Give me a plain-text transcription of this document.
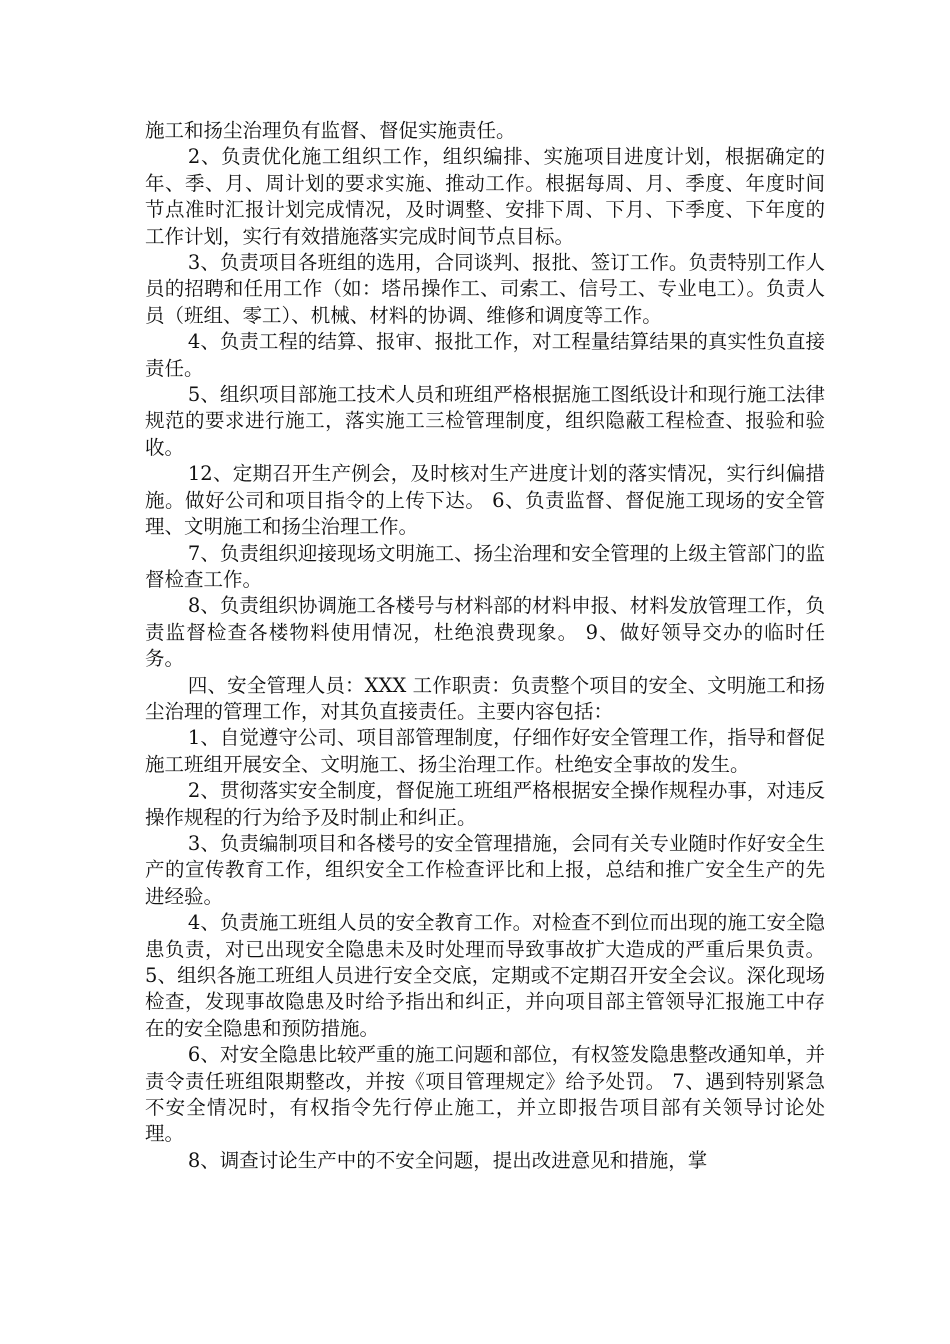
施工和扬尘治理负有监督、督促实施责任。

2、负责优化施工组织工作，组织编排、实施项目进度计划，根据确定的年、季、月、周计划的要求实施、推动工作。根据每周、月、季度、年度时间节点准时汇报计划完成情况，及时调整、安排下周、下月、下季度、下年度的工作计划，实行有效措施落实完成时间节点目标。

3、负责项目各班组的选用，合同谈判、报批、签订工作。负责特别工作人员的招聘和任用工作（如：塔吊操作工、司索工、信号工、专业电工）。负责人员（班组、零工）、机械、材料的协调、维修和调度等工作。

4、负责工程的结算、报审、报批工作，对工程量结算结果的真实性负直接责任。

5、组织项目部施工技术人员和班组严格根据施工图纸设计和现行施工法律规范的要求进行施工，落实施工三检管理制度，组织隐蔽工程检查、报验和验收。

12、定期召开生产例会，及时核对生产进度计划的落实情况，实行纠偏措施。做好公司和项目指令的上传下达。 6、负责监督、督促施工现场的安全管理、文明施工和扬尘治理工作。

7、负责组织迎接现场文明施工、扬尘治理和安全管理的上级主管部门的监督检查工作。

8、负责组织协调施工各楼号与材料部的材料申报、材料发放管理工作，负责监督检查各楼物料使用情况，杜绝浪费现象。 9、做好领导交办的临时任务。

四、安全管理人员：XXX 工作职责：负责整个项目的安全、文明施工和扬尘治理的管理工作，对其负直接责任。主要内容包括：

1、自觉遵守公司、项目部管理制度，仔细作好安全管理工作，指导和督促施工班组开展安全、文明施工、扬尘治理工作。杜绝安全事故的发生。

2、贯彻落实安全制度，督促施工班组严格根据安全操作规程办事，对违反操作规程的行为给予及时制止和纠正。

3、负责编制项目和各楼号的安全管理措施，会同有关专业随时作好安全生产的宣传教育工作，组织安全工作检查评比和上报，总结和推广安全生产的先进经验。

4、负责施工班组人员的安全教育工作。对检查不到位而出现的施工安全隐患负责，对已出现安全隐患未及时处理而导致事故扩大造成的严重后果负责。 5、组织各施工班组人员进行安全交底，定期或不定期召开安全会议。深化现场检查，发现事故隐患及时给予指出和纠正，并向项目部主管领导汇报施工中存在的安全隐患和预防措施。

6、对安全隐患比较严重的施工问题和部位，有权签发隐患整改通知单，并责令责任班组限期整改，并按《项目管理规定》给予处罚。 7、遇到特别紧急不安全情况时，有权指令先行停止施工，并立即报告项目部有关领导讨论处理。

8、调查讨论生产中的不安全问题，提出改进意见和措施，掌
